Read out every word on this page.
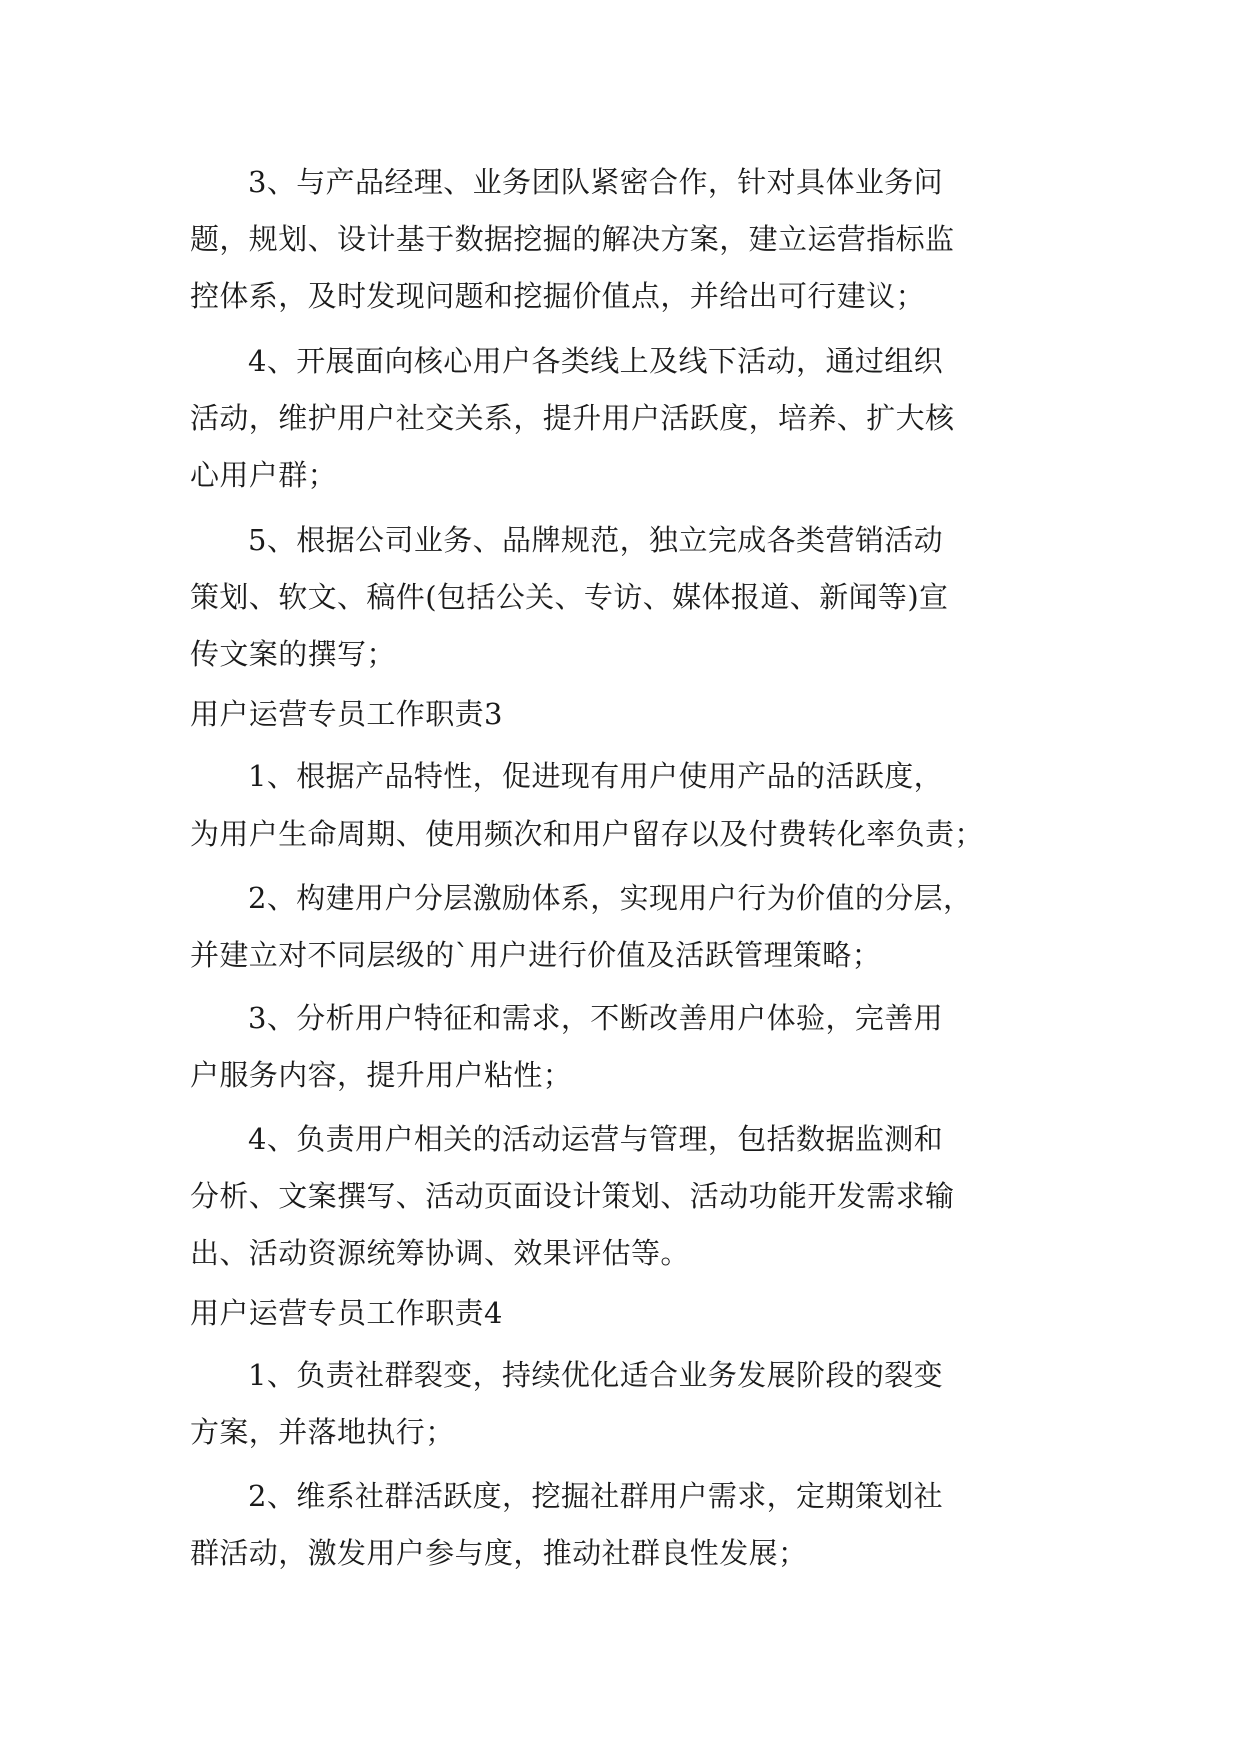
3、与产品经理、业务团队紧密合作，针对具体业务问
题，规划、设计基于数据挖掘的解决方案，建立运营指标监
控体系，及时发现问题和挖掘价值点，并给出可行建议；
4、开展面向核心用户各类线上及线下活动，通过组织
活动，维护用户社交关系，提升用户活跃度，培养、扩大核
心用户群；
5、根据公司业务、品牌规范，独立完成各类营销活动
策划、软文、稿件(包括公关、专访、媒体报道、新闻等)宣
传文案的撰写；
用户运营专员工作职责3
1、根据产品特性，促进现有用户使用产品的活跃度，
为用户生命周期、使用频次和用户留存以及付费转化率负责；
2、构建用户分层激励体系，实现用户行为价值的分层，
并建立对不同层级的`用户进行价值及活跃管理策略；
3、分析用户特征和需求，不断改善用户体验，完善用
户服务内容，提升用户粘性；
4、负责用户相关的活动运营与管理，包括数据监测和
分析、文案撰写、活动页面设计策划、活动功能开发需求输
出、活动资源统筹协调、效果评估等。
用户运营专员工作职责4
1、负责社群裂变，持续优化适合业务发展阶段的裂变
方案，并落地执行；
2、维系社群活跃度，挖掘社群用户需求，定期策划社
群活动，激发用户参与度，推动社群良性发展；
